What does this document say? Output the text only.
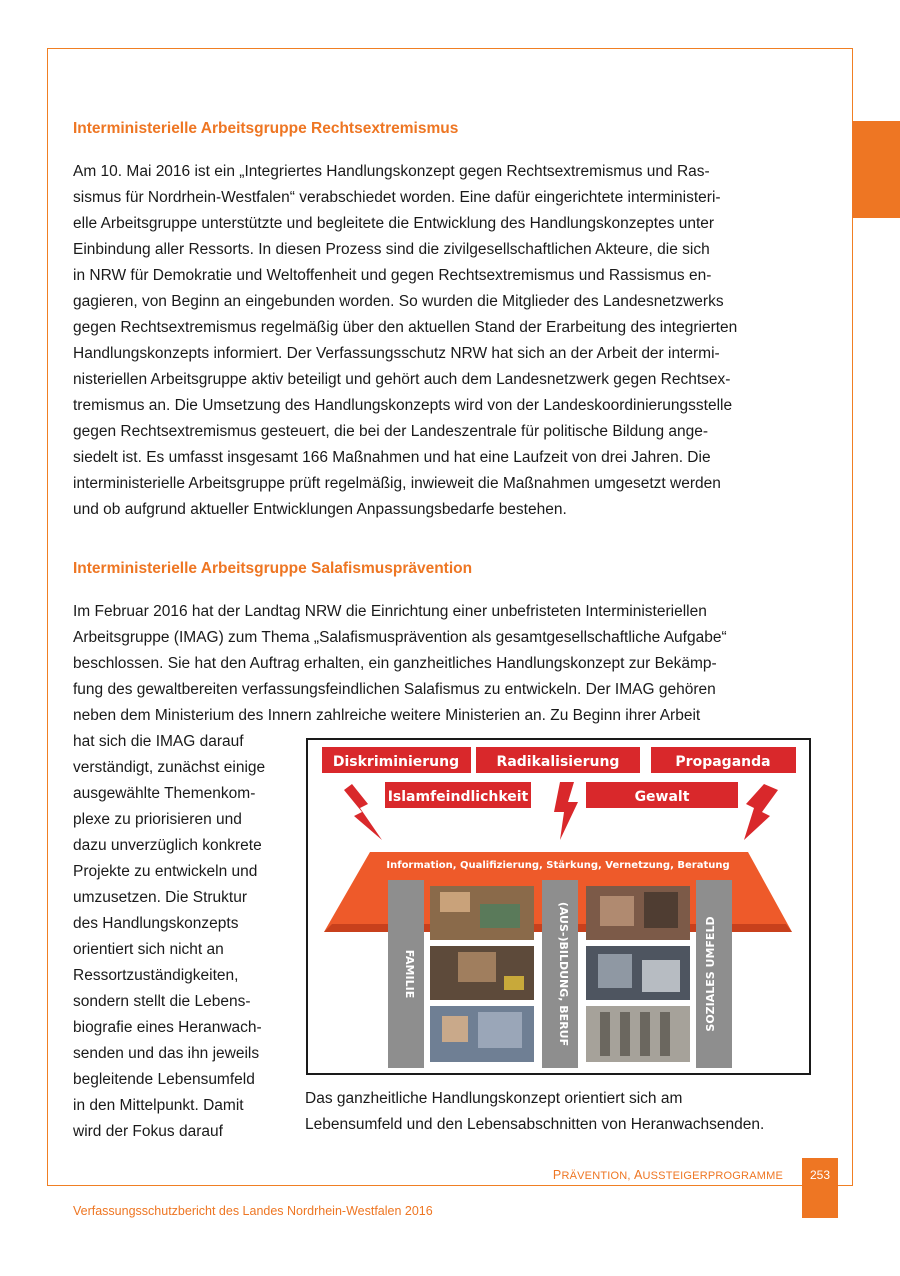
Interministerielle Arbeitsgruppe Rechtsextremismus
Am 10. Mai 2016 ist ein „Integriertes Handlungskonzept gegen Rechtsextremismus und Ras-
sismus für Nordrhein-Westfalen“ verabschiedet worden. Eine dafür eingerichtete interministeri-
elle Arbeitsgruppe unterstützte und begleitete die Entwicklung des Handlungskonzeptes unter
Einbindung aller Ressorts. In diesen Prozess sind die zivilgesellschaftlichen Akteure, die sich
in NRW für Demokratie und Weltoffenheit und gegen Rechtsextremismus und Rassismus en-
gagieren, von Beginn an eingebunden worden. So wurden die Mitglieder des Landesnetzwerks
gegen Rechtsextremismus regelmäßig über den aktuellen Stand der Erarbeitung des integrierten
Handlungskonzepts informiert. Der Verfassungsschutz NRW hat sich an der Arbeit der intermi-
nisteriellen Arbeitsgruppe aktiv beteiligt und gehört auch dem Landesnetzwerk gegen Rechtsex-
tremismus an. Die Umsetzung des Handlungskonzepts wird von der Landeskoordinierungsstelle
gegen Rechtsextremismus gesteuert, die bei der Landeszentrale für politische Bildung ange-
siedelt ist. Es umfasst insgesamt 166 Maßnahmen und hat eine Laufzeit von drei Jahren. Die
interministerielle Arbeitsgruppe prüft regelmäßig, inwieweit die Maßnahmen umgesetzt werden
und ob aufgrund aktueller Entwicklungen Anpassungsbedarfe bestehen.
Interministerielle Arbeitsgruppe Salafismusprävention
Im Februar 2016 hat der Landtag NRW die Einrichtung einer unbefristeten Interministeriellen
Arbeitsgruppe (IMAG) zum Thema „Salafismusprävention als gesamtgesellschaftliche Aufgabe“
beschlossen. Sie hat den Auftrag erhalten, ein ganzheitliches Handlungskonzept zur Bekämp-
fung des gewaltbereiten verfassungsfeindlichen Salafismus zu entwickeln. Der IMAG gehören
neben dem Ministerium des Innern zahlreiche weitere Ministerien an. Zu Beginn ihrer Arbeit
hat sich die IMAG darauf
verständigt, zunächst einige
ausgewählte Themenkom-
plexe zu priorisieren und
dazu unverzüglich konkrete
Projekte zu entwickeln und
umzusetzen. Die Struktur
des Handlungskonzepts
orientiert sich nicht an
Ressortzuständigkeiten,
sondern stellt die Lebens-
biografie eines Heranwach-
senden und das ihn jeweils
begleitende Lebensumfeld
in den Mittelpunkt. Damit
wird der Fokus darauf
Diskriminierung	Radikalisierung	Propaganda
Islamfeindlichkeit	Gewalt
Information, Qualifizierung, Stärkung, Vernetzung, Beratung
FAMILIE	(AUS-)BILDUNG, BERUF	SOZIALES UMFELD
Das ganzheitliche Handlungskonzept orientiert sich am
Lebensumfeld und den Lebensabschnitten von Heranwachsenden.
PRÄVENTION, AUSSTEIGERPROGRAMME	253
Verfassungsschutzbericht des Landes Nordrhein-Westfalen 2016
